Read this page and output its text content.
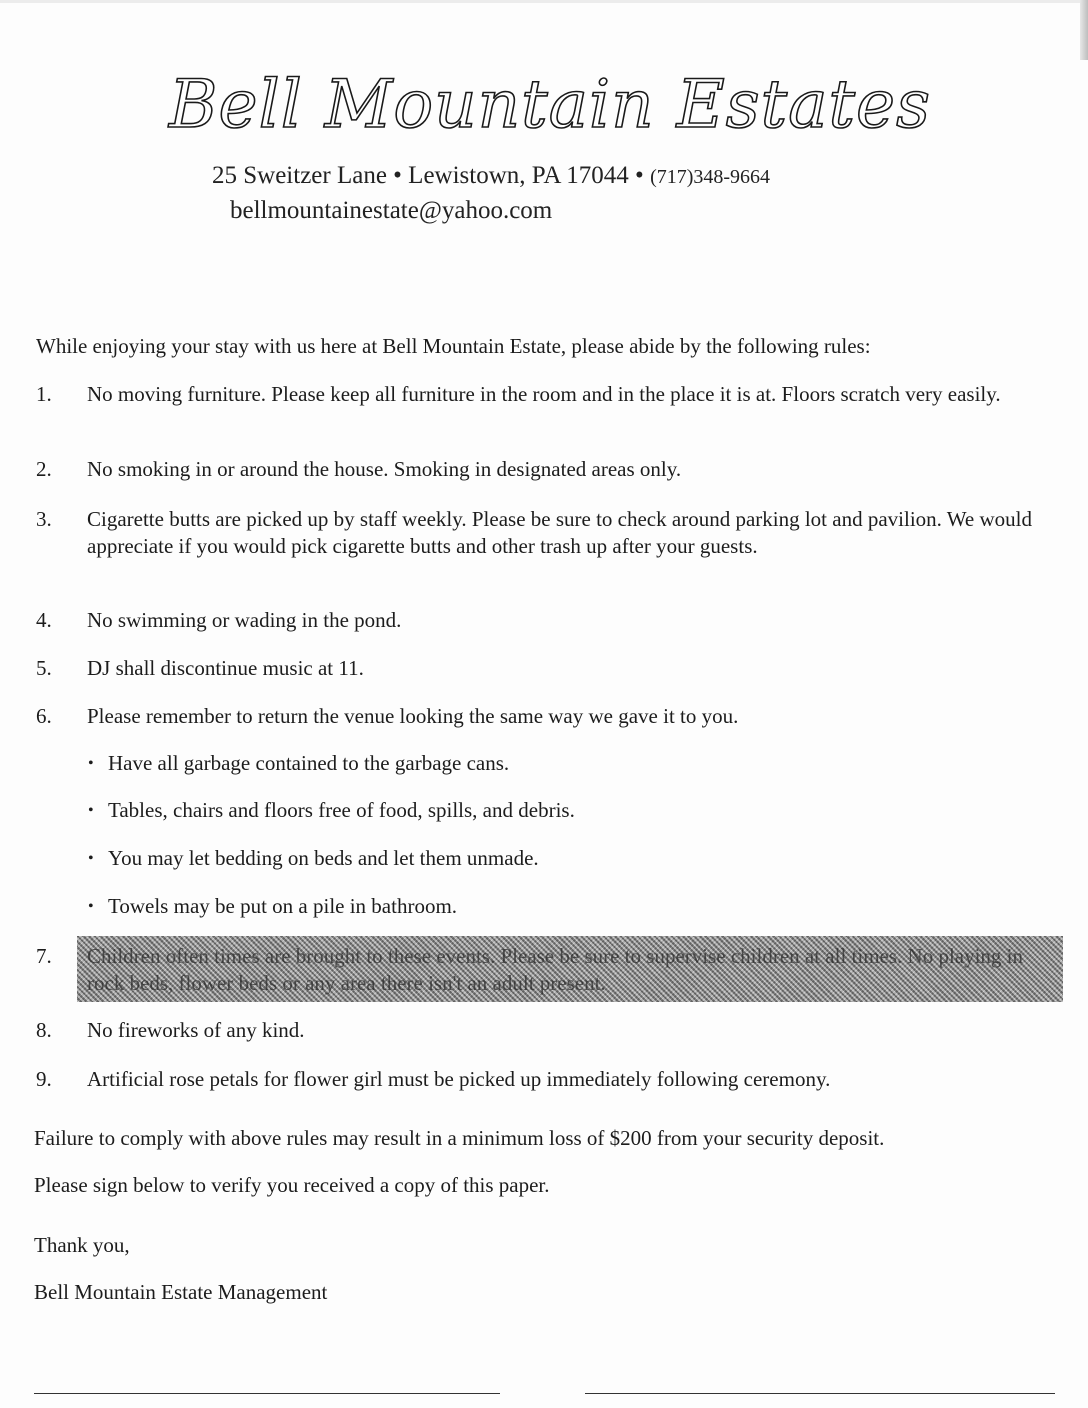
Bell Mountain Estates
25 Sweitzer Lane • Lewistown, PA 17044 • (717)348-9664
bellmountainestate@yahoo.com
While enjoying your stay with us here at Bell Mountain Estate, please abide by the following rules:
1.	No moving furniture. Please keep all furniture in the room and in the place it is at. Floors scratch very easily.
2.	No smoking in or around the house. Smoking in designated areas only.
3.	Cigarette butts are picked up by staff weekly. Please be sure to check around parking lot and pavilion. We would appreciate if you would pick cigarette butts and other trash up after your guests.
4.	No swimming or wading in the pond.
5.	DJ shall discontinue music at 11.
6.	Please remember to return the venue looking the same way we gave it to you.
• Have all garbage contained to the garbage cans.
• Tables, chairs and floors free of food, spills, and debris.
• You may let bedding on beds and let them unmade.
• Towels may be put on a pile in bathroom.
7.	Children often times are brought to these events. Please be sure to supervise children at all times. No playing in rock beds, flower beds or any area there isn't an adult present.
8.	No fireworks of any kind.
9.	Artificial rose petals for flower girl must be picked up immediately following ceremony.
Failure to comply with above rules may result in a minimum loss of $200 from your security deposit.
Please sign below to verify you received a copy of this paper.
Thank you,
Bell Mountain Estate Management
